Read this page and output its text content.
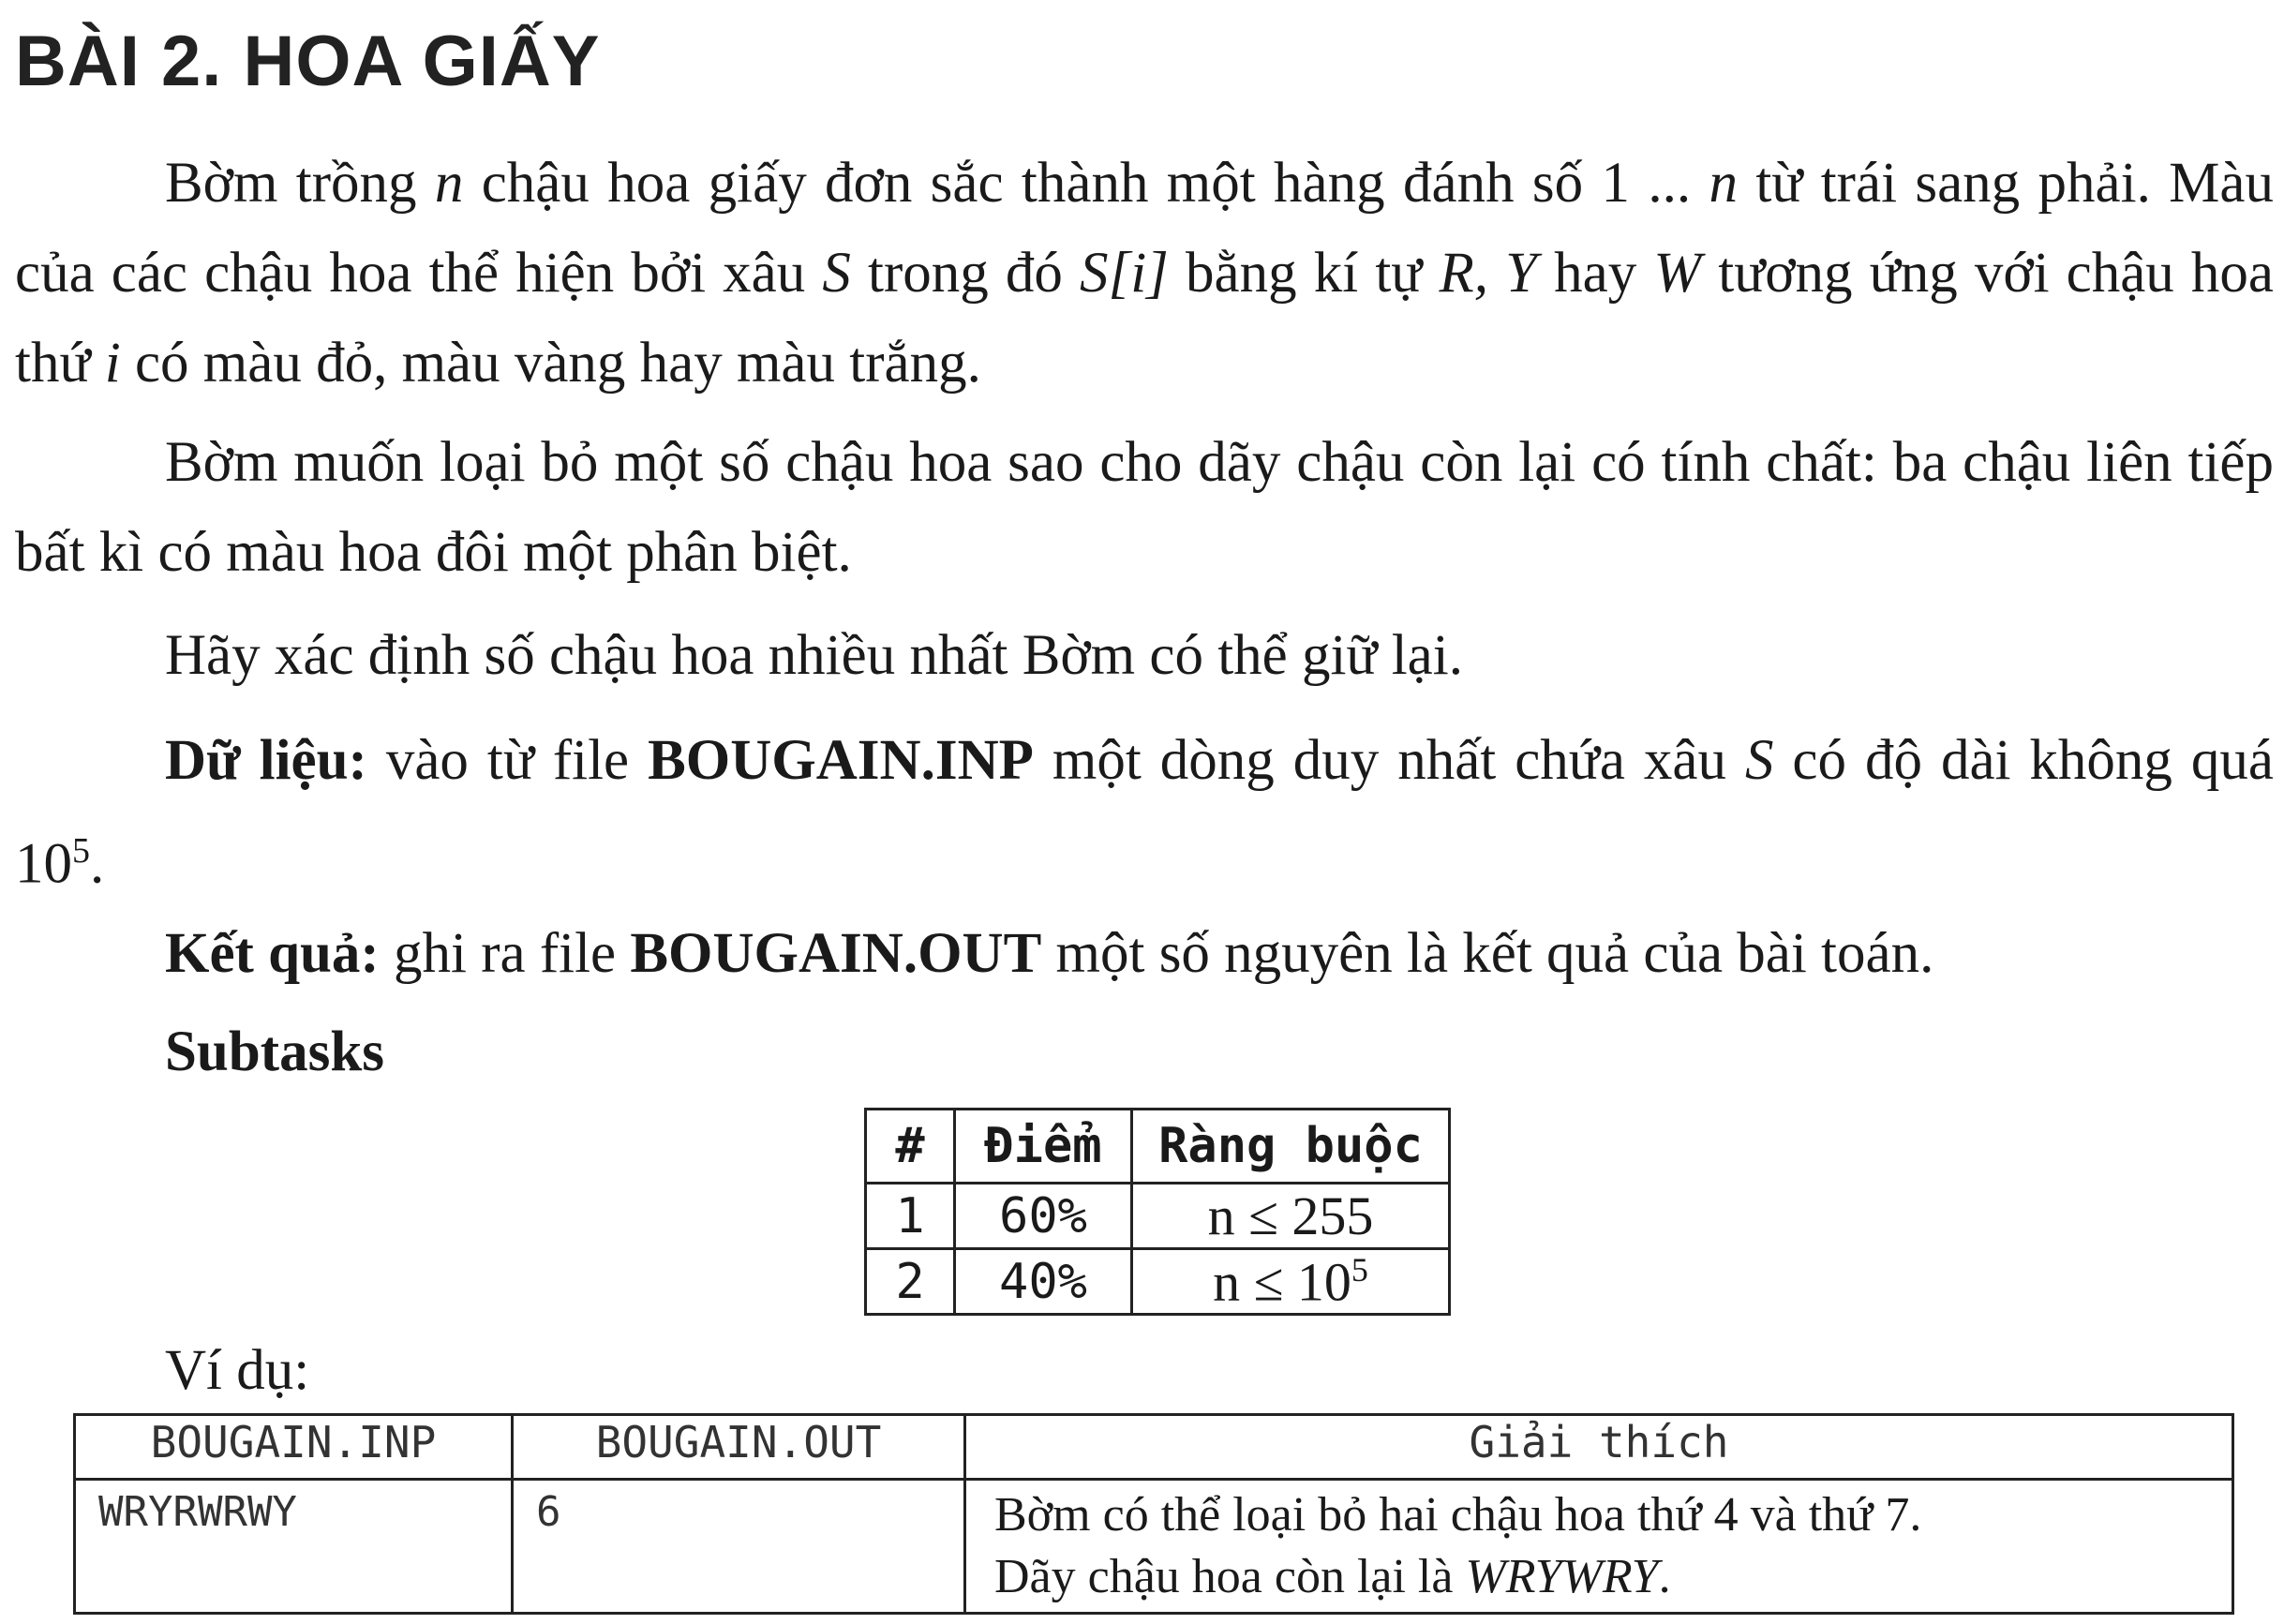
BÀI 2. HOA GIẤY
Bờm trồng n chậu hoa giấy đơn sắc thành một hàng đánh số 1 ... n từ trái sang phải. Màu của các chậu hoa thể hiện bởi xâu S trong đó S[i] bằng kí tự R, Y hay W tương ứng với chậu hoa thứ i có màu đỏ, màu vàng hay màu trắng.
Bờm muốn loại bỏ một số chậu hoa sao cho dãy chậu còn lại có tính chất: ba chậu liên tiếp bất kì có màu hoa đôi một phân biệt.
Hãy xác định số chậu hoa nhiều nhất Bờm có thể giữ lại.
Dữ liệu: vào từ file BOUGAIN.INP một dòng duy nhất chứa xâu S có độ dài không quá $10^5$.
Kết quả: ghi ra file BOUGAIN.OUT một số nguyên là kết quả của bài toán.
Subtasks
#	Điểm	Ràng buộc
1	60%	n ≤ 255
2	40%	$n \le 10^5$
Ví dụ:
BOUGAIN.INP	BOUGAIN.OUT	Giải thích
WRYRWRWY	6	Bờm có thể loại bỏ hai chậu hoa thứ 4 và thứ 7.
Dãy chậu hoa còn lại là WRYWRY.
